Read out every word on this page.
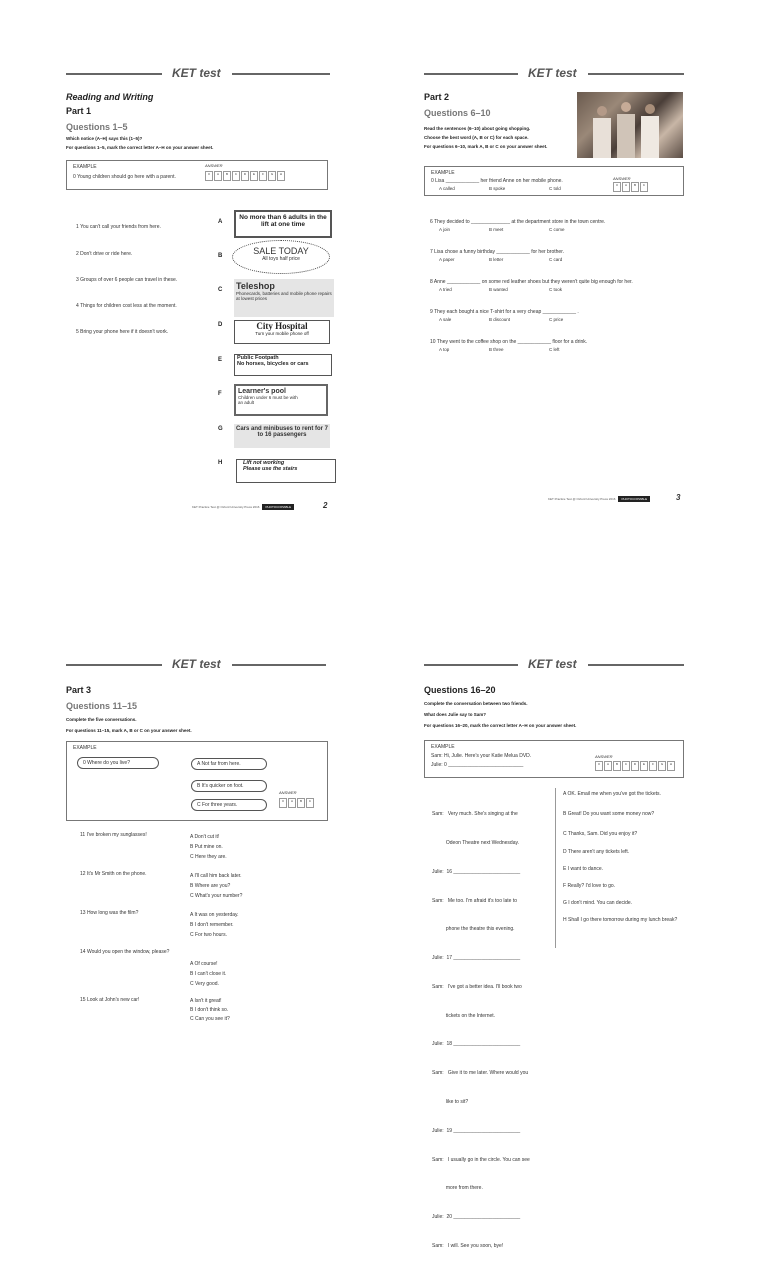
KET test
Reading and Writing
Part 1
Questions 1–5
Which notice (A–H) says this (1–5)?
For questions 1–5, mark the correct letter A–H on your answer sheet.
EXAMPLE	ANSWER
0 Young children should go here with a parent.	0	A	B	C	D	E	F	G	H
1 You can't call your friends from here.
2 Don't drive or ride here.
3 Groups of over 6 people can travel in these.
4 Things for children cost less at the moment.
5 Bring your phone here if it doesn't work.
A
B
C
D
E
F
G
H
No more than 6 adults in the lift at one time
SALE TODAY
All toys half price
Teleshop
Phonecards, batteries and mobile phone repairs at lowest prices
City Hospital
Turn your mobile phone off
Public Footpath
No horses, bicycles or cars
Learner's pool
Children under 6 must be with an adult
Cars and minibuses to rent for 7 to 16 passengers
Lift not working
Please use the stairs
KET Practice Test @ Oxford University Press 2016 PHOTOCOPIABLE	2
KET test
Part 2
Questions 6–10
Read the sentences (6–10) about going shopping.
Choose the best word (A, B or C) for each space.
For questions 6–10, mark A, B or C on your answer sheet.
EXAMPLE
ANSWER
0 Lisa ____________ her friend Anne on her mobile phone.
A called	B spoke	C told
0	A	B	C
6 They decided to ______________ at the department store in the town centre.
A join	B meet	C come
7 Lisa chose a funny birthday ____________ for her brother.
A paper	B letter	C card
8 Anne ____________ on some red leather shoes but they weren't quite big enough for her.
A tried	B wanted	C took
9 They each bought a nice T-shirt for a very cheap ____________ .
A sale	B discount	C price
10 They went to the coffee shop on the ____________ floor for a drink.
A top	B three	C left
KET Practice Test @ Oxford University Press 2016 PHOTOCOPIABLE	3
KET test
Part 3
Questions 11–15
Complete the five conversations.
For questions 11–15, mark A, B or C on your answer sheet.
EXAMPLE
ANSWER
0	A	B	C
0 Where do you live?	A Not far from here.
B It's quicker on foot.
C For three years.
11 I've broken my sunglasses!	A Don't cut it!
B Put mine on.
C Here they are.
12 It's Mr Smith on the phone.	A I'll call him back later.
B Where are you?
C What's your number?
13 How long was the film?	A It was on yesterday.
B I don't remember.
C For two hours.
14 Would you open the window, please?
A Of course!
B I can't close it.
C Very good.
15 Look at John's new car!	A Isn't it great!
B I don't think so.
C Can you see it?
KET test
Questions 16–20
Complete the conversation between two friends.
What does Julie say to Sam?
For questions 16–20, mark the correct letter A–H on your answer sheet.
EXAMPLE
Sam: Hi, Julie. Here's your Katie Melua DVD.
Julie: 0 ___________________________
ANSWER
0	A	B	C	D	E	F	G	H

Sam:   Very much. She's singing at the

Odeon Theatre next Wednesday.

Julie:  16 ________________________

Sam:   Me too. I'm afraid it's too late to

phone the theatre this evening.

Julie:  17 ________________________

Sam:   I've got a better idea. I'll book two

tickets on the Internet.

Julie:  18 ________________________

Sam:   Give it to me later. Where would you

like to sit?

Julie:  19 ________________________

Sam:   I usually go in the circle. You can see

more from there.

Julie:  20 ________________________

Sam:   I will. See you soon, bye!

A OK. Email me when you've got the tickets.
B Great! Do you want some money now?
C Thanks, Sam. Did you enjoy it?
D There aren't any tickets left.
E I want to dance.
F Really? I'd love to go.
G I don't mind. You can decide.
H Shall I go there tomorrow during my lunch break?
